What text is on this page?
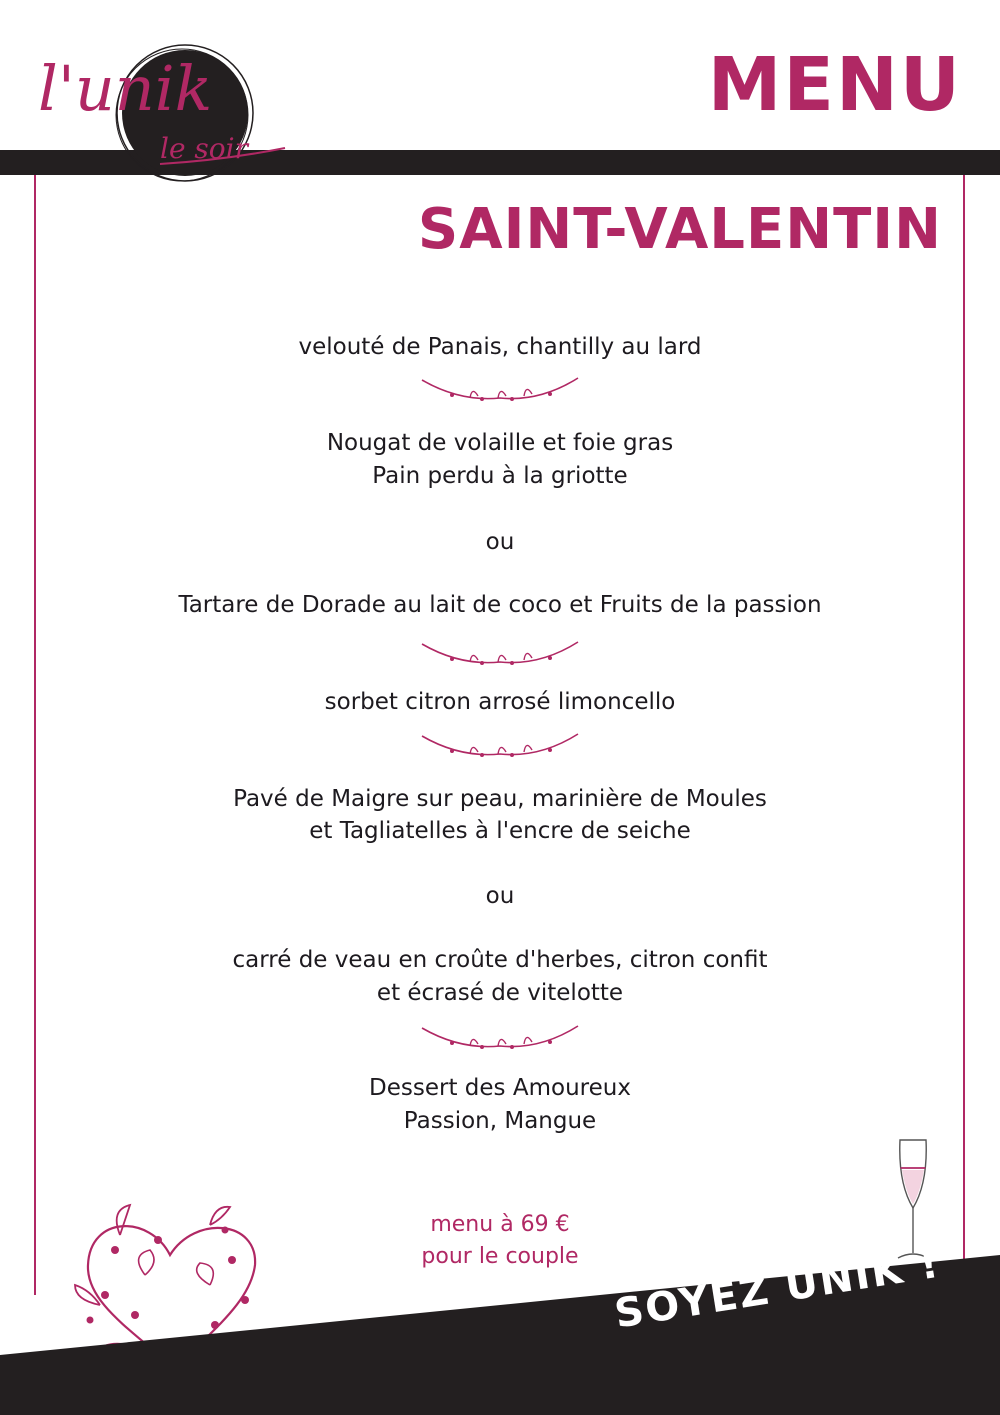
l'unik
le soir
MENU
SAINT-VALENTIN
velouté de Panais, chantilly au lard
Nougat de volaille et foie gras
Pain perdu à la griotte
ou
Tartare de Dorade au lait de coco et Fruits de la passion
sorbet citron arrosé limoncello
Pavé de Maigre sur peau, marinière de Moules
et Tagliatelles à l'encre de seiche
ou
carré de veau en croûte d'herbes, citron confit
et écrasé de vitelotte
Dessert des Amoureux
Passion, Mangue
menu à 69 €
pour le couple SOYEZ UNIK !
